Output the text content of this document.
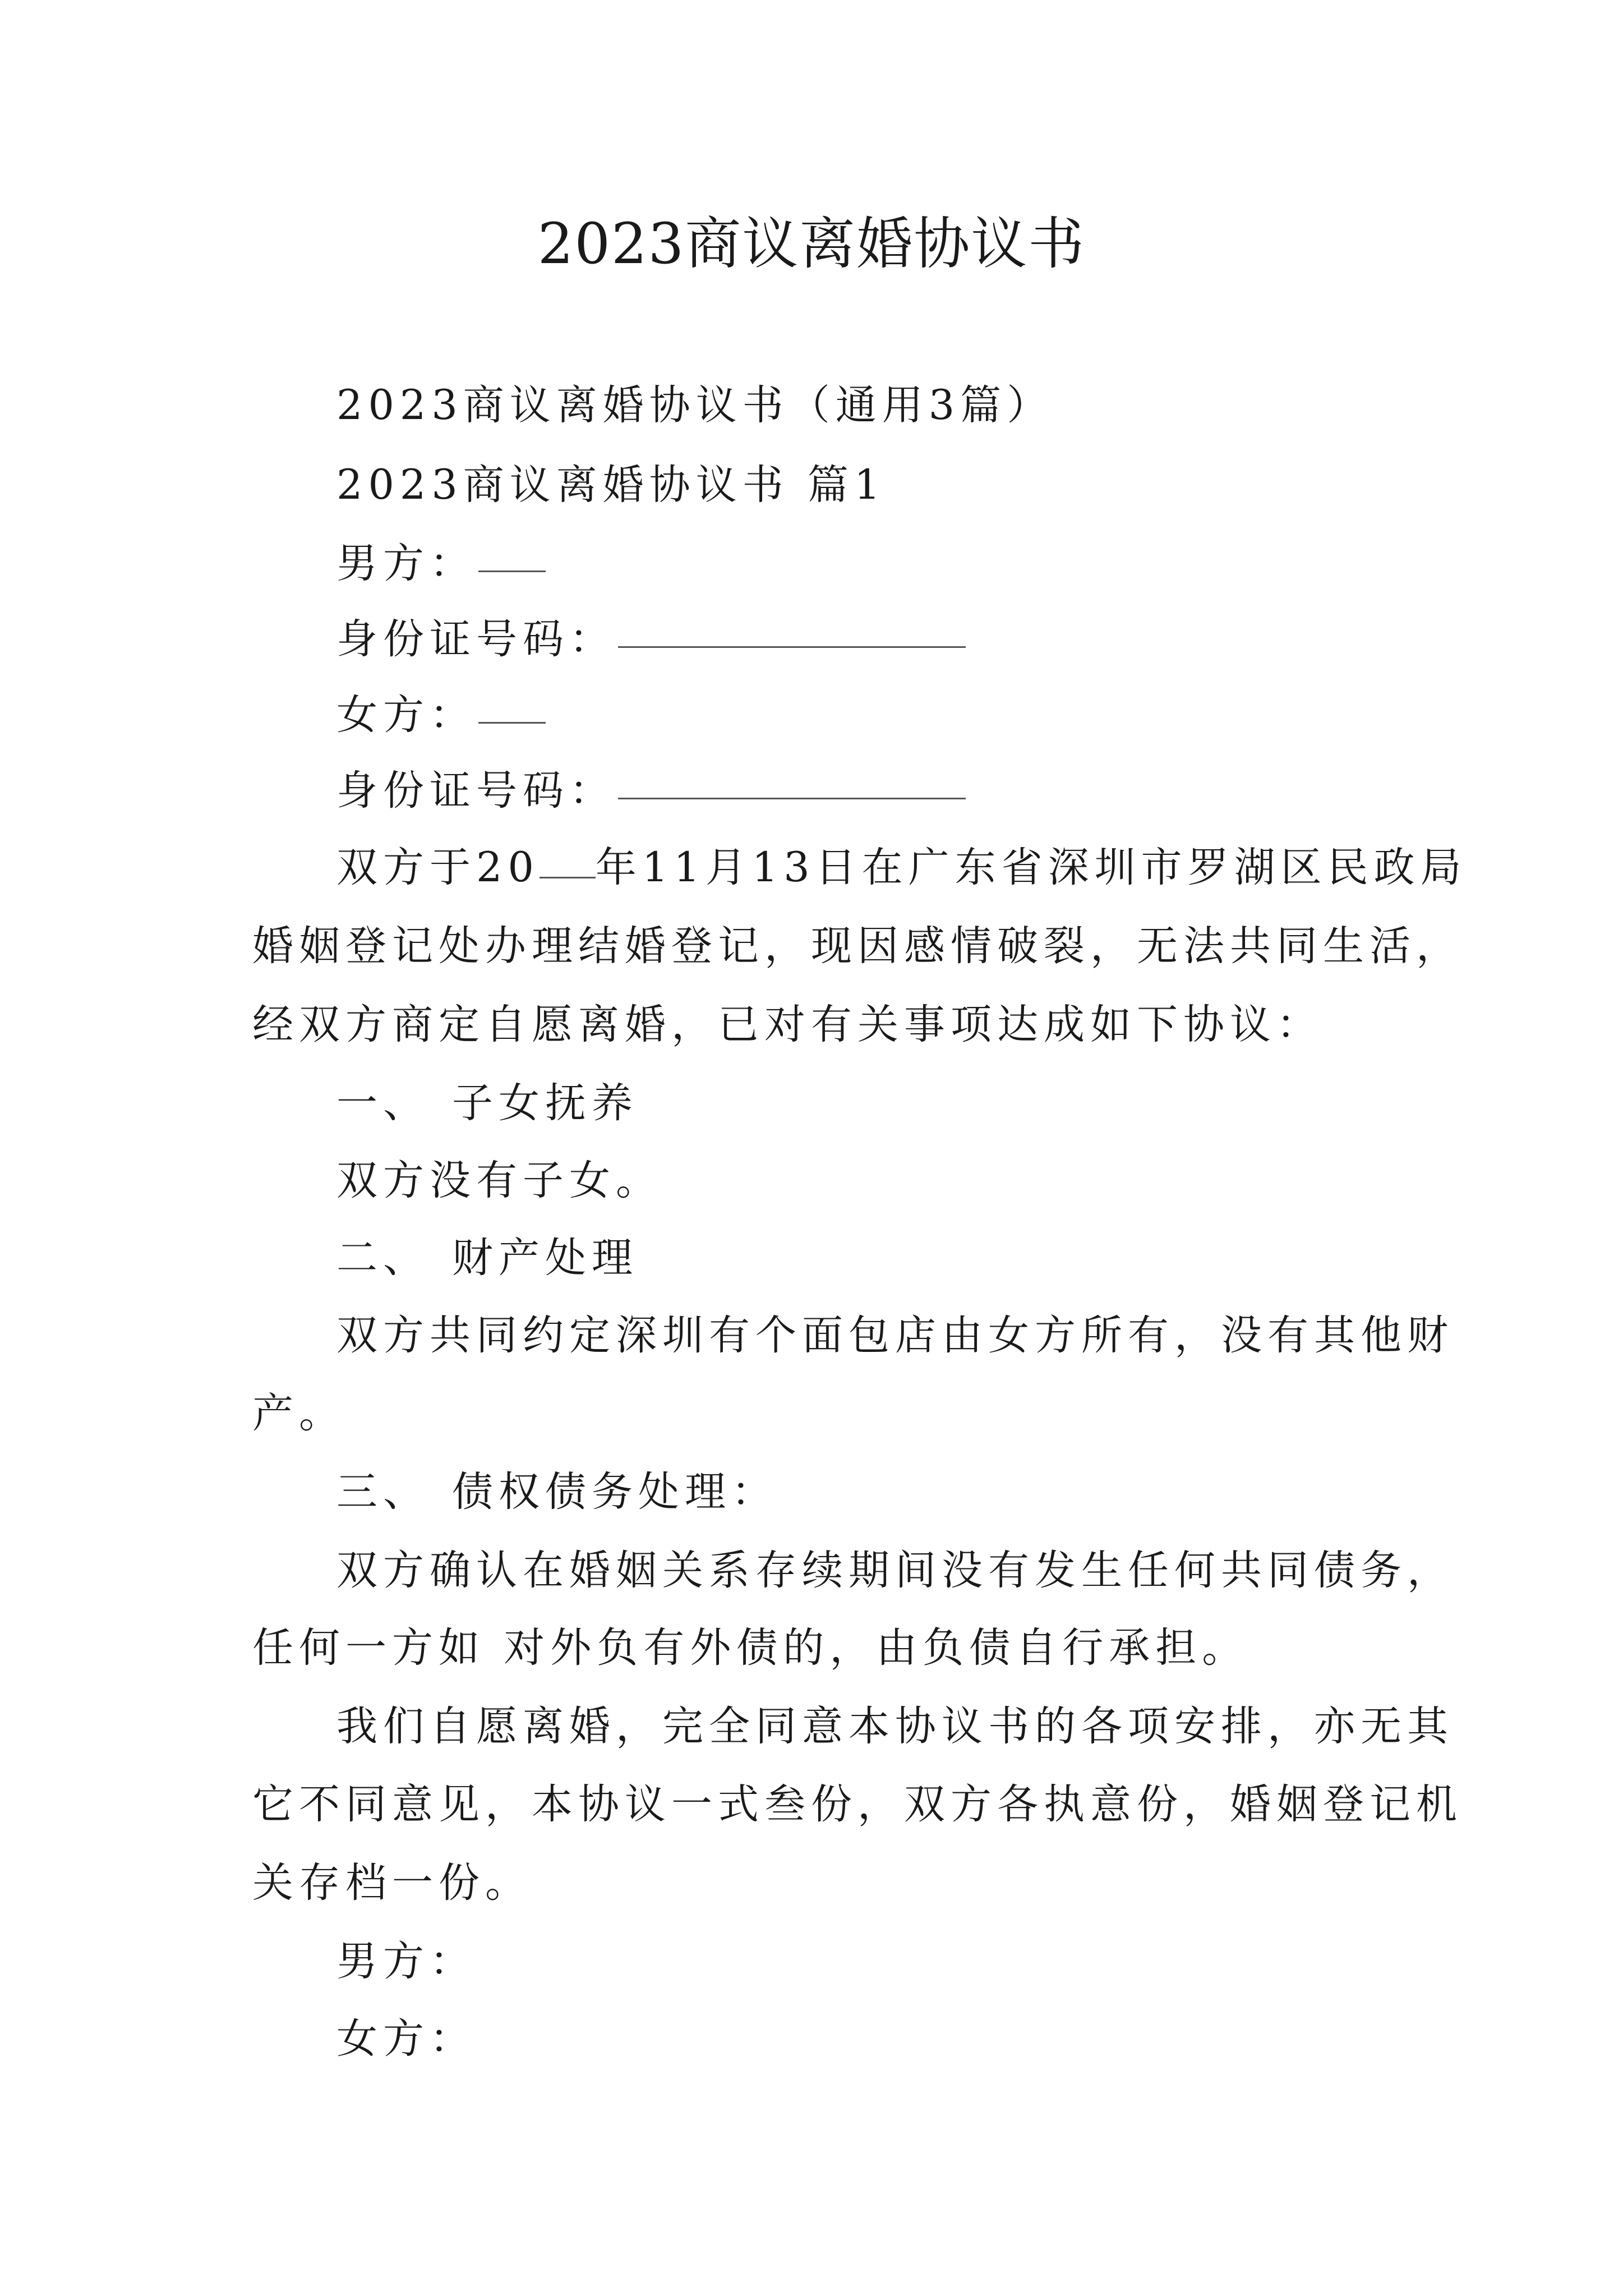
2023商议离婚协议书
2023商议离婚协议书（通用3篇）
2023商议离婚协议书 篇1
男方：
身份证号码：
女方：
身份证号码：
双方于20 年11月13日在广东省深圳市罗湖区民政局
婚姻登记处办理结婚登记，现因感情破裂，无法共同生活，
经双方商定自愿离婚，已对有关事项达成如下协议：
一、 子女抚养
双方没有子女。
二、 财产处理
双方共同约定深圳有个面包店由女方所有，没有其他财
产。
三、 债权债务处理：
双方确认在婚姻关系存续期间没有发生任何共同债务，
任何一方如 对外负有外债的，由负债自行承担。
我们自愿离婚，完全同意本协议书的各项安排，亦无其
它不同意见，本协议一式叁份，双方各执意份，婚姻登记机
关存档一份。
男方：
女方：
